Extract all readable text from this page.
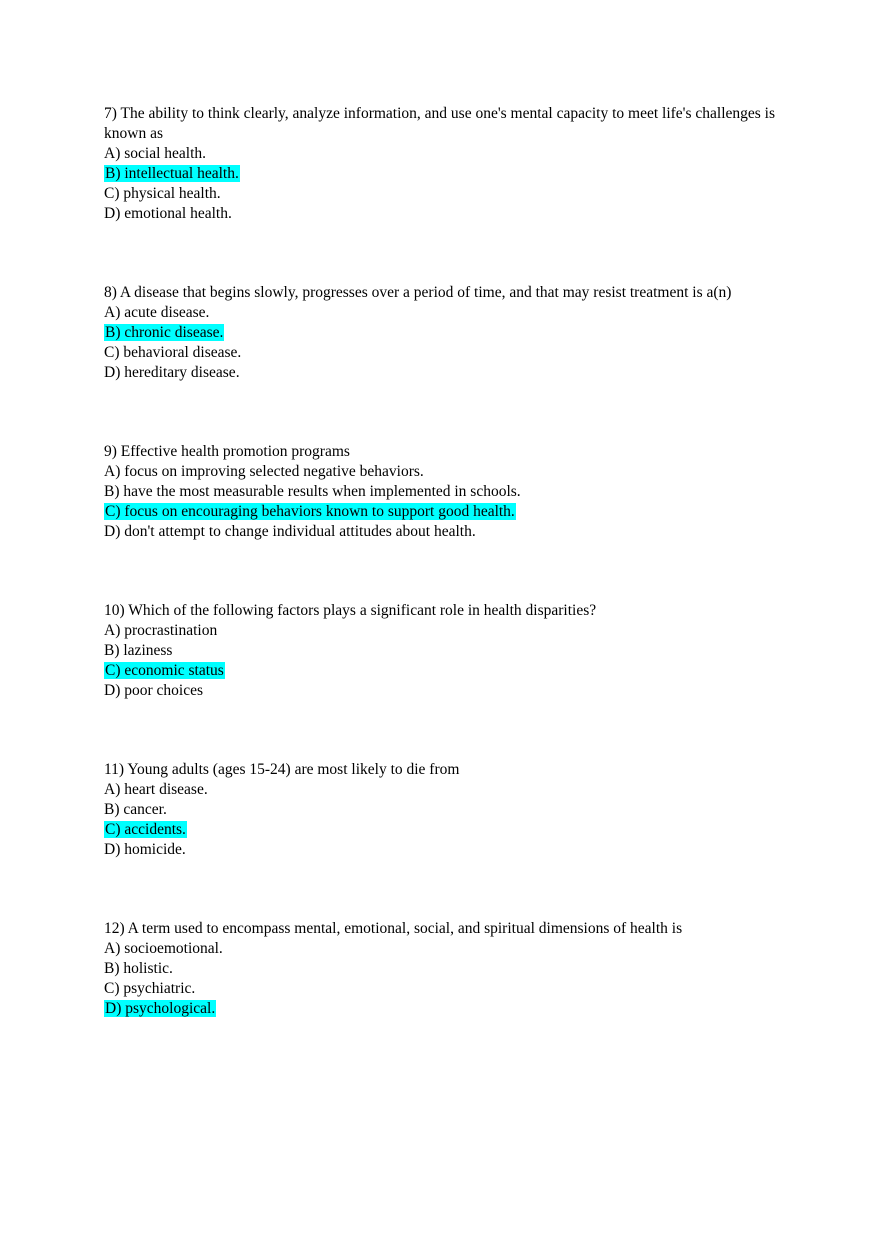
7) The ability to think clearly, analyze information, and use one's mental capacity to meet life's challenges is known as

A) social health.
B) intellectual health.
C) physical health.
D) emotional health.

8) A disease that begins slowly, progresses over a period of time, and that may resist treatment is a(n)

A) acute disease.
B) chronic disease.
C) behavioral disease.
D) hereditary disease.

9) Effective health promotion programs

A) focus on improving selected negative behaviors.
B) have the most measurable results when implemented in schools.
C) focus on encouraging behaviors known to support good health.
D) don't attempt to change individual attitudes about health.

10) Which of the following factors plays a significant role in health disparities?

A) procrastination
B) laziness
C) economic status
D) poor choices

11) Young adults (ages 15-24) are most likely to die from

A) heart disease.
B) cancer.
C) accidents.
D) homicide.

12) A term used to encompass mental, emotional, social, and spiritual dimensions of health is

A) socioemotional.
B) holistic.
C) psychiatric.
D) psychological.
